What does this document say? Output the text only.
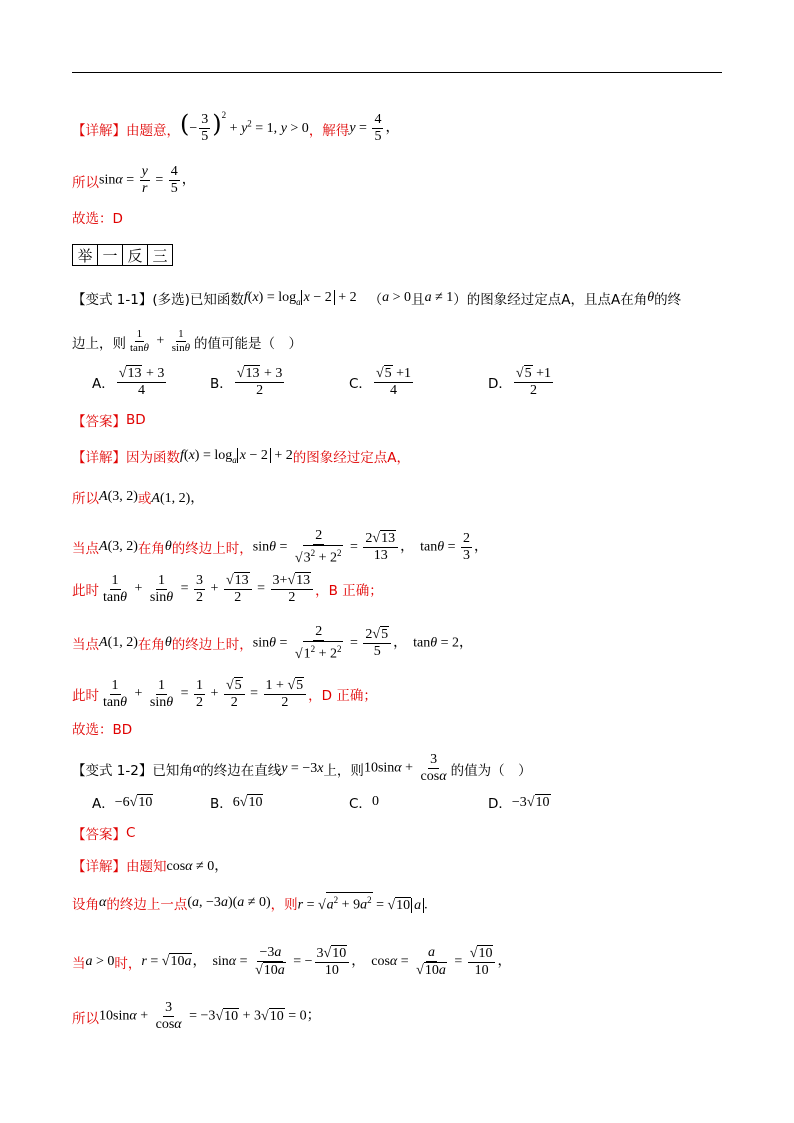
【详解】 由题意， (− $\frac{3}{5} )^2 + y^2 = 1$, y > 0 ，解得 $y = \frac{4}{5}$ ，
所以 $\sin\alpha = \frac{y}{r} = \frac{4}{5}$ ，
故选：D
举 一 反 三
【变式 1-1】 (多选)已知函数 $f(x) = \log_a x - 2 + 2$ （ a > 0 且 a ≠ 1 ）的图象经过定点A，且点A在角 θ 的终
边上，则 $\frac{1}{\tan\theta} + \frac{1}{\sin\theta}$ 的值可能是（　）
A． $\frac{√ 13 + 3}{4}$	B． $\frac{√ 13 + 3}{2}$	C． $\frac{√ 5 +1}{4}$	D． $\frac{√ 5 +1}{2}$
【答案】 BD
【详解】 因为函数 $f(x) = \log_a x - 2 + 2$ 的图象经过定点A，
所以 A(3, 2) 或 A(1, 2)，
当点 A(3, 2) 在角 θ 的终边上时， $\sin\theta = \frac{2}{√ 3^2 + 2^2} = \frac{2 √ 13}{13}$ ， $\tan\theta = \frac{2}{3}$ ，
此时 $\frac{1}{\tan\theta} + \frac{1}{\sin\theta} = \frac{3}{2} + \frac{√ 13}{2} = \frac{3+ √ 13}{2}$ ，B 正确；
当点 A(1, 2) 在角 θ 的终边上时， $\sin\theta = \frac{2}{√ 1^2 + 2^2} = \frac{2 √ 5}{5}$ ， tanθ = 2，
此时 $\frac{1}{\tan\theta} + \frac{1}{\sin\theta} = \frac{1}{2} + \frac{√ 5}{2} = \frac{1 + √ 5}{2}$ ，D 正确；
故选：BD
【变式 1-2】 已知角 α 的终边在直线 y = −3x 上，则 $10\sin\alpha + \frac{3}{\cos\alpha}$ 的值为（　）
A． −6 √ 10	B． 6 √ 10	C． 0	D． −3 √ 10
【答案】 C
【详解】 由题知 cosα ≠ 0，
设角 α 的终边上一点 (a, −3a)(a ≠ 0) ，则 r = √ $a^2 + 9a^2$ = √ 10 a .
当 a > 0 时， r = √ 10a ， $\sin\alpha = \frac{-3a}{√ 10a}$ = − $\frac{3 √ 10}{10}$ ， $\cos\alpha = \frac{a}{√ 10a} = \frac{√ 10}{10}$ ，
所以 $10\sin\alpha + \frac{3}{\cos\alpha} = -3$ √ 10 + 3 √ 10 = 0；
